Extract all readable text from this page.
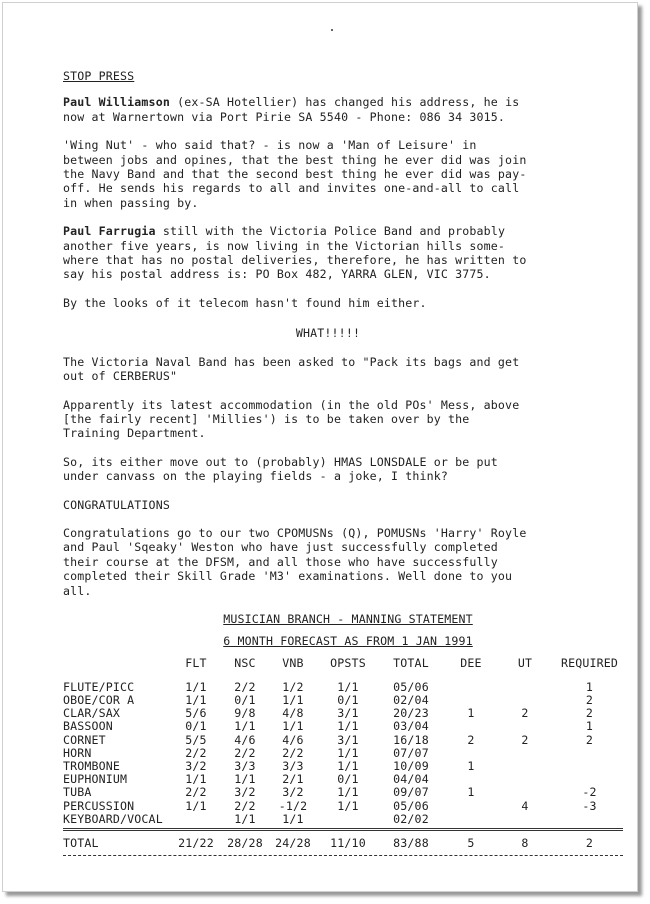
STOP PRESS

Paul Williamson (ex-SA Hotellier) has changed his address, he is
now at Warnertown via Port Pirie SA 5540 - Phone: 086 34 3015.

'Wing Nut' - who said that? - is now a 'Man of Leisure' in
between jobs and opines, that the best thing he ever did was join
the Navy Band and that the second best thing he ever did was pay-
off. He sends his regards to all and invites one-and-all to call
in when passing by.

Paul Farrugia still with the Victoria Police Band and probably
another five years, is now living in the Victorian hills some-
where that has no postal deliveries, therefore, he has written to
say his postal address is: PO Box 482, YARRA GLEN, VIC 3775.

By the looks of it telecom hasn't found him either.

WHAT!!!!!

The Victoria Naval Band has been asked to "Pack its bags and get
out of CERBERUS"

Apparently its latest accommodation (in the old POs' Mess, above
[the fairly recent] 'Millies') is to be taken over by the
Training Department.

So, its either move out to (probably) HMAS LONSDALE or be put
under canvass on the playing fields - a joke, I think?

CONGRATULATIONS

Congratulations go to our two CPOMUSNs (Q), POMUSNs 'Harry' Royle
and Paul 'Sqeaky' Weston who have just successfully completed
their course at the DFSM, and all those who have successfully
completed their Skill Grade 'M3' examinations. Well done to you
all.

MUSICIAN BRANCH - MANNING STATEMENT
6 MONTH FORECAST AS FROM 1 JAN 1991
	FLT	NSC	VNB	OPSTS	TOTAL	DEE	UT	REQUIRED
FLUTE/PICC	1/1	2/2	1/2	1/1	05/06			1
OBOE/COR A	1/1	0/1	1/1	0/1	02/04			2
CLAR/SAX	5/6	9/8	4/8	3/1	20/23	1	2	2
BASSOON	0/1	1/1	1/1	1/1	03/04			1
CORNET	5/5	4/6	4/6	3/1	16/18	2	2	2
HORN	2/2	2/2	2/2	1/1	07/07			
TROMBONE	3/2	3/3	3/3	1/1	10/09	1		
EUPHONIUM	1/1	1/1	2/1	0/1	04/04			
TUBA	2/2	3/2	3/2	1/1	09/07	1		-2
PERCUSSION	1/1	2/2	-1/2	1/1	05/06		4	-3
KEYBOARD/VOCAL		1/1	1/1		02/02			
TOTAL	21/22	28/28	24/28	11/10	83/88	5	8	2
